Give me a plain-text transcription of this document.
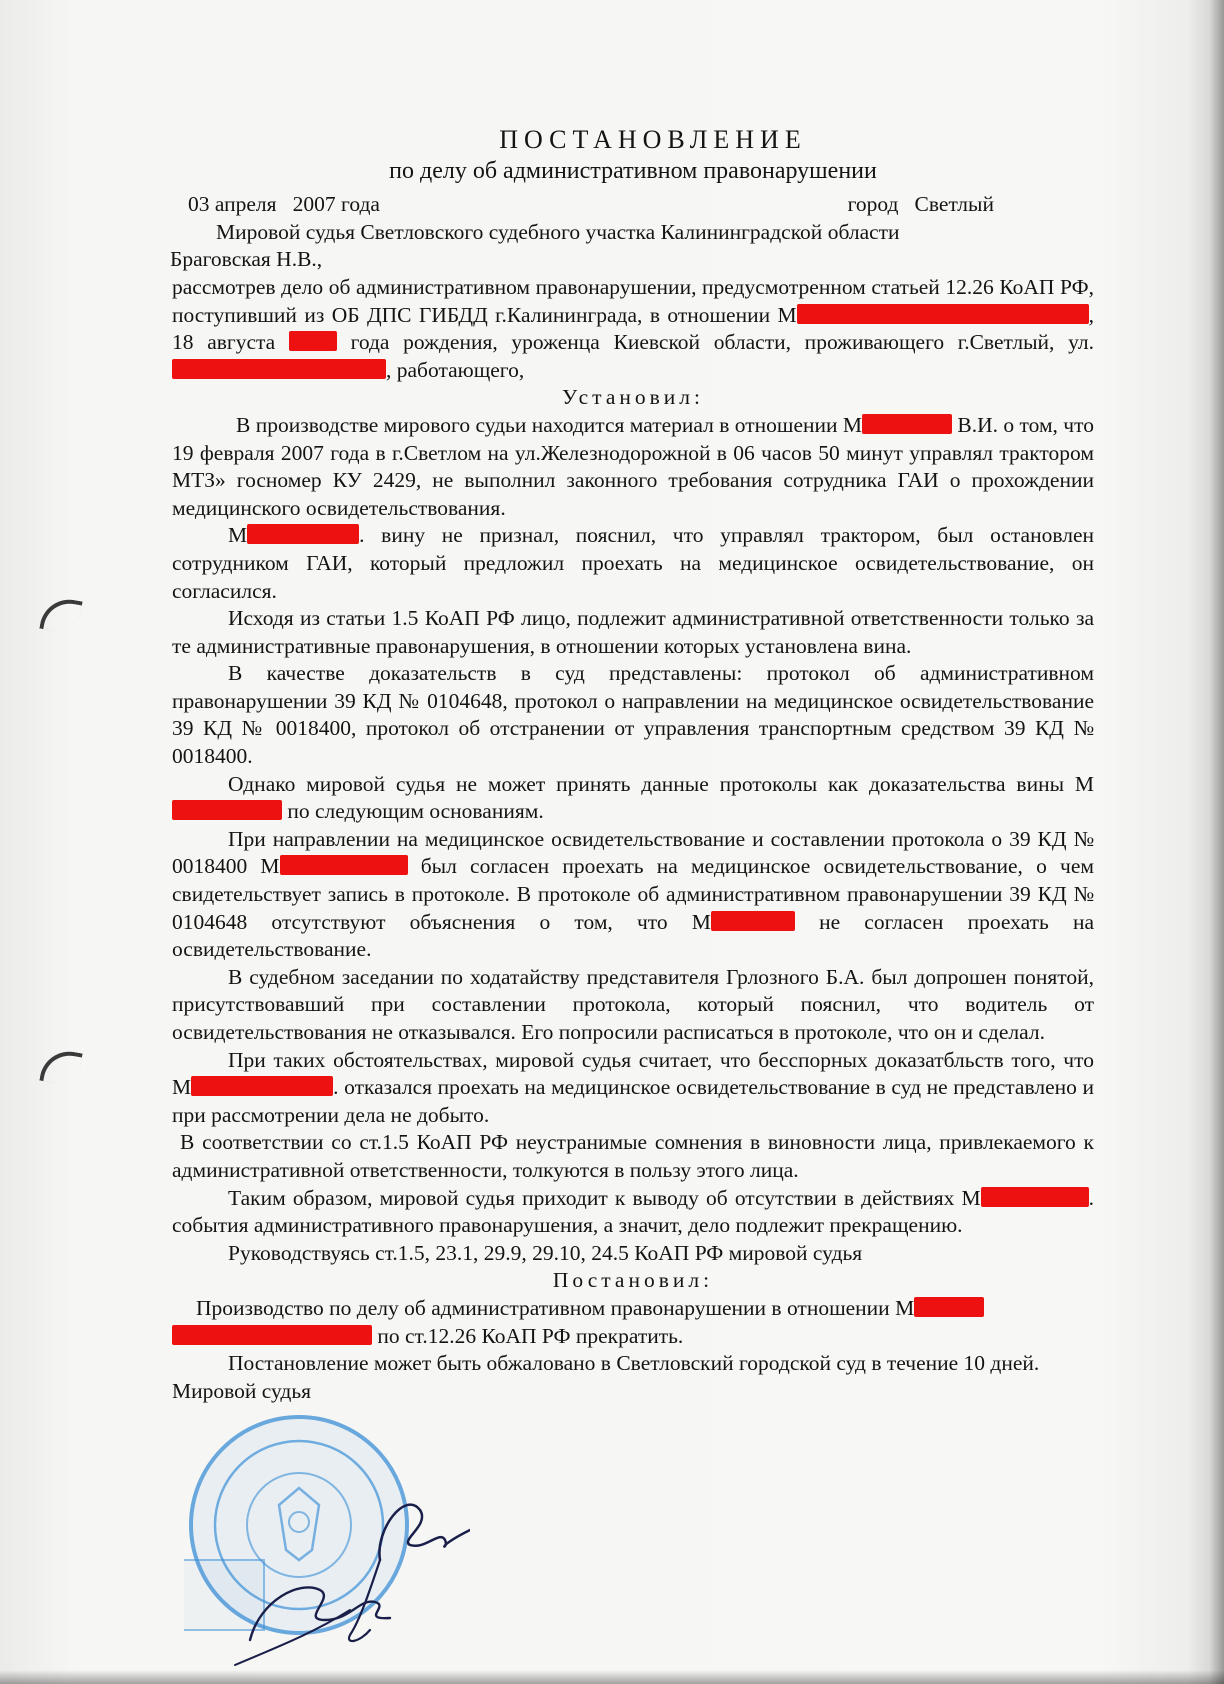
ПОСТАНОВЛЕНИЕ
по делу об административном правонарушении
03 апреля   2007 года	город   Светлый

Мировой судья Светловского судебного участка Калининградской области

Браговская Н.В.,

рассмотрев дело об административном правонарушении, предусмотренном статьей 12.26 КоАП РФ, поступивший из ОБ ДПС ГИБДД г.Калининграда, в отношении М	, 18 августа  года рождения, уроженца Киевской области, проживающего г.Светлый, ул., работающего,

Установил:

В производстве мирового судьи находится материал в отношении М	В.И. о том, что 19 февраля 2007 года в г.Светлом на ул.Железнодорожной в 06 часов 50 минут управлял трактором МТЗ» госномер КУ 2429, не выполнил законного требования сотрудника ГАИ о прохождении медицинского освидетельствования.

М	. вину не признал, пояснил, что управлял трактором, был остановлен сотрудником ГАИ, который предложил проехать на медицинское освидетельствование, он согласился.

Исходя из статьи 1.5 КоАП РФ лицо, подлежит административной ответственности только за те административные правонарушения, в отношении которых установлена вина.

В качестве доказательств в суд представлены: протокол об административном правонарушении 39 КД № 0104648, протокол о направлении на медицинское освидетельствование 39 КД № 0018400, протокол об отстранении от управления транспортным средством 39 КД № 0018400.

Однако мировой судья не может принять данные протоколы как доказательства вины М по следующим основаниям.

При направлении на медицинское освидетельствование и составлении протокола о 39 КД № 0018400 М	был согласен проехать на медицинское освидетельствование, о чем свидетельствует запись в протоколе. В протоколе об административном правонарушении 39 КД № 0104648 отсутствуют объяснения о том, что М	не согласен проехать на освидетельствование.

В судебном заседании по ходатайству представителя Грлозного Б.А. был допрошен понятой, присутствовавший при составлении протокола, который пояснил, что водитель от освидетельствования не отказывался. Его попросили расписаться в протоколе, что он и сделал.

При таких обстоятельствах, мировой судья считает, что бесспорных доказатбльств того, что М	. отказался проехать на медицинское освидетельствование в суд не представлено и при рассмотрении дела не добыто.

В соответствии со ст.1.5 КоАП РФ неустранимые сомнения в виновности лица, привлекаемого к административной ответственности, толкуются в пользу этого лица.

Таким образом, мировой судья приходит к выводу об отсутствии в действиях М	. события административного правонарушения, а значит, дело подлежит прекращению.

Руководствуясь ст.1.5, 23.1, 29.9, 29.10, 24.5 КоАП РФ мировой судья

Постановил:

Производство по делу об административном правонарушении в отношении М
по ст.12.26 КоАП РФ прекратить.

Постановление может быть обжаловано в Светловский городской суд в течение 10 дней.

Мировой судья
